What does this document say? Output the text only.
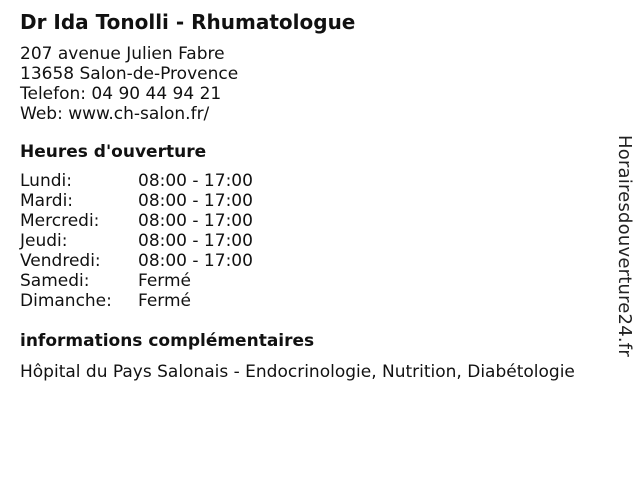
Dr Ida Tonolli - Rhumatologue
207 avenue Julien Fabre
13658 Salon-de-Provence
Telefon: 04 90 44 94 21
Web: www.ch-salon.fr/
Heures d'ouverture
Lundi:	08:00 - 17:00
Mardi:	08:00 - 17:00
Mercredi:	08:00 - 17:00
Jeudi:	08:00 - 17:00
Vendredi:	08:00 - 17:00
Samedi:	Fermé
Dimanche:	Fermé
informations complémentaires
Hôpital du Pays Salonais - Endocrinologie, Nutrition, Diabétologie
Horairesdouverture24.fr
